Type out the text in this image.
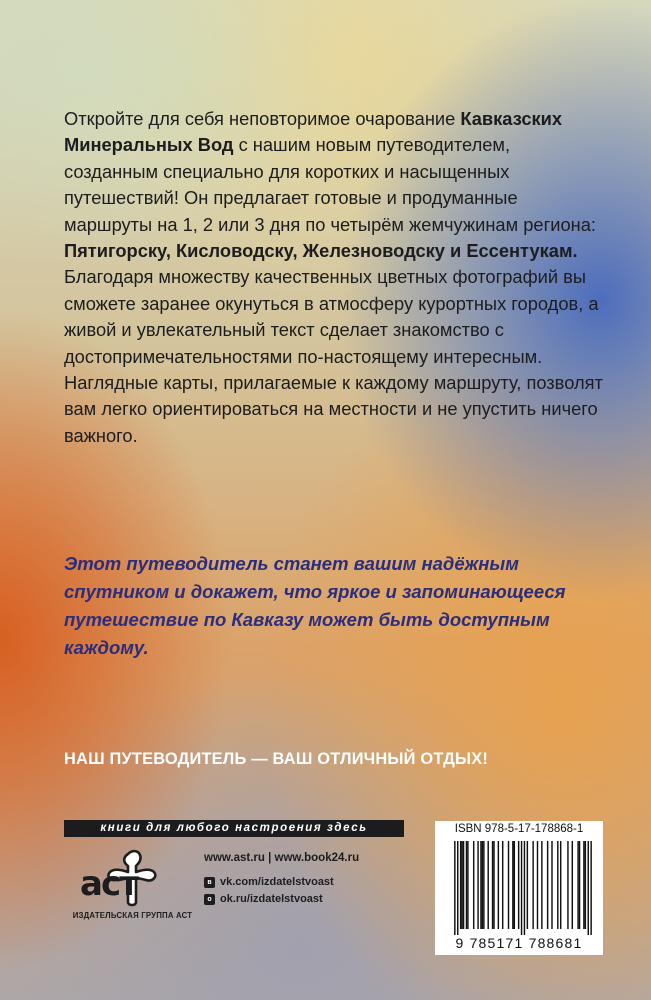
Откройте для себя неповторимое очарование Кавказских Минеральных Вод с нашим новым путеводителем, созданным специально для коротких и насыщенных путешествий! Он предлагает готовые и продуманные маршруты на 1, 2 или 3 дня по четырём жемчужинам региона: Пятигорску, Кисловодску, Железноводску и Ессентукам. Благодаря множеству качественных цветных фотографий вы сможете заранее окунуться в атмосферу курортных городов, а живой и увлекательный текст сделает знакомство с достопримечательностями по-настоящему интересным. Наглядные карты, прилагаемые к каждому маршруту, позволят вам легко ориентироваться на местности и не упустить ничего важного.

Этот путеводитель станет вашим надёжным спутником и докажет, что яркое и запоминающееся путешествие по Кавказу может быть доступным каждому.

НАШ ПУТЕВОДИТЕЛЬ — ВАШ ОТЛИЧНЫЙ ОТДЫХ!
книги для любого настроения здесь
аст
ИЗДАТЕЛЬСКАЯ ГРУППА АСТ
www.ast.ru | www.book24.ru
в vk.com/izdatelstvoast
о ok.ru/izdatelstvoast
ISBN 978-5-17-178868-1
9 785171 788681
